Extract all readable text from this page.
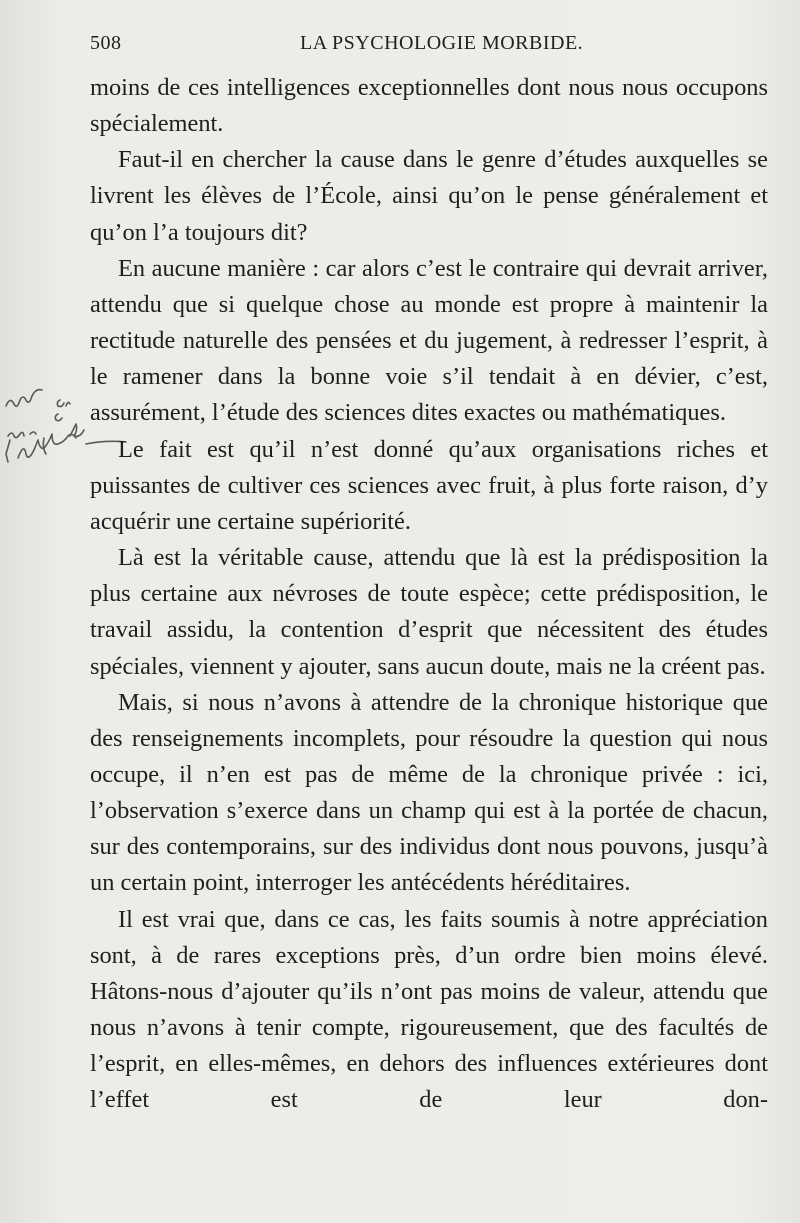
508	LA PSYCHOLOGIE MORBIDE.

moins de ces intelligences exceptionnelles dont nous nous occupons spécialement.

Faut-il en chercher la cause dans le genre d’études auxquelles se livrent les élèves de l’École, ainsi qu’on le pense généralement et qu’on l’a toujours dit?

En aucune manière : car alors c’est le contraire qui devrait arriver, attendu que si quelque chose au monde est propre à maintenir la rectitude naturelle des pensées et du jugement, à redresser l’esprit, à le ramener dans la bonne voie s’il tendait à en dévier, c’est, assurément, l’étude des sciences dites exactes ou mathématiques.

Le fait est qu’il n’est donné qu’aux organisations riches et puissantes de cultiver ces sciences avec fruit, à plus forte raison, d’y acquérir une certaine supériorité.

Là est la véritable cause, attendu que là est la prédisposition la plus certaine aux névroses de toute espèce; cette prédisposition, le travail assidu, la contention d’esprit que nécessitent des études spéciales, viennent y ajouter, sans aucun doute, mais ne la créent pas.

Mais, si nous n’avons à attendre de la chronique historique que des renseignements incomplets, pour résoudre la question qui nous occupe, il n’en est pas de même de la chronique privée : ici, l’observation s’exerce dans un champ qui est à la portée de chacun, sur des contemporains, sur des individus dont nous pouvons, jusqu’à un certain point, interroger les antécédents héréditaires.

Il est vrai que, dans ce cas, les faits soumis à notre appréciation sont, à de rares exceptions près, d’un ordre bien moins élevé. Hâtons-nous d’ajouter qu’ils n’ont pas moins de valeur, attendu que nous n’avons à tenir compte, rigoureusement, que des facultés de l’esprit, en elles-mêmes, en dehors des influences extérieures dont l’effet est de leur don-
